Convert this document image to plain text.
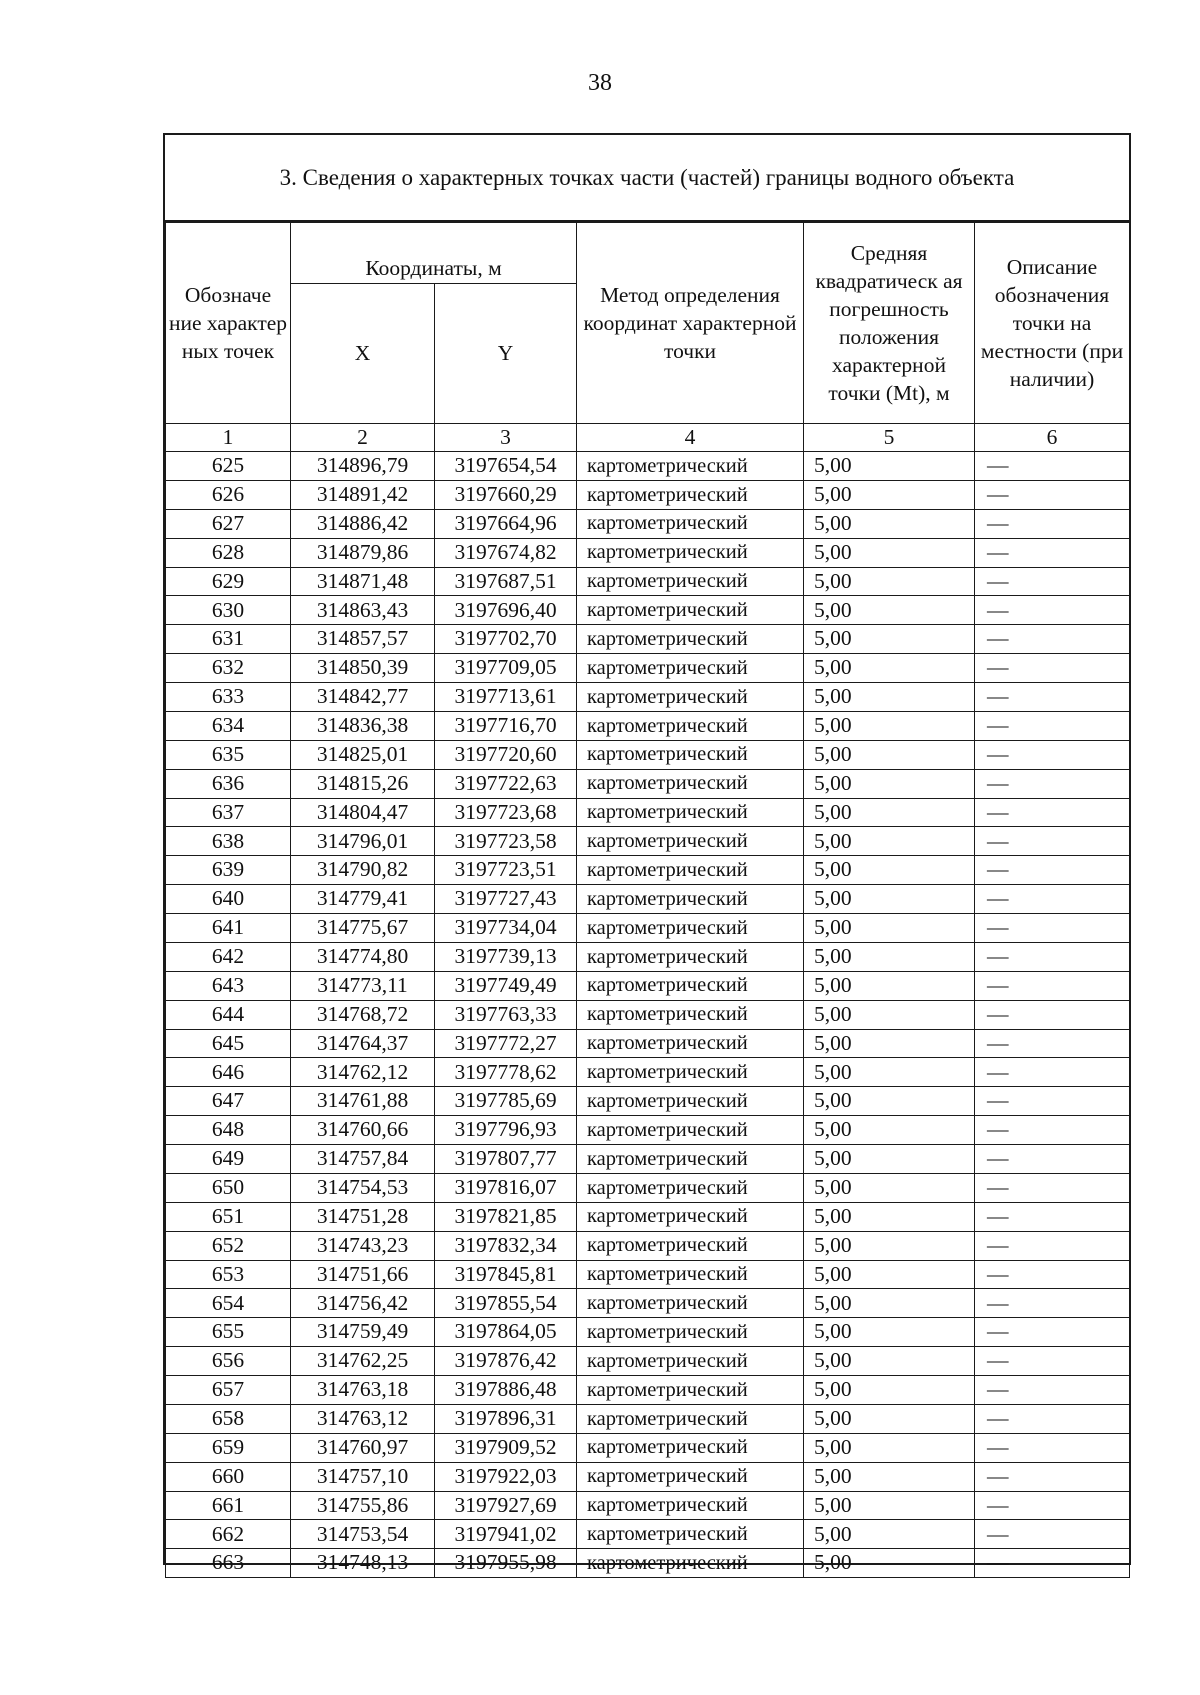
38
3. Сведения о характерных точках части (частей) границы водного объекта
Обозначе ние характер ных точек	Координаты, м		Метод определения координат характерной точки	Средняя квадратическ ая погрешность положения характерной точки (Mt), м	Описание обозначения точки на местности (при наличии)
	X	Y			
1	2	3	4	5	6
625	314896,79	3197654,54	картометрический	5,00	—
626	314891,42	3197660,29	картометрический	5,00	—
627	314886,42	3197664,96	картометрический	5,00	—
628	314879,86	3197674,82	картометрический	5,00	—
629	314871,48	3197687,51	картометрический	5,00	—
630	314863,43	3197696,40	картометрический	5,00	—
631	314857,57	3197702,70	картометрический	5,00	—
632	314850,39	3197709,05	картометрический	5,00	—
633	314842,77	3197713,61	картометрический	5,00	—
634	314836,38	3197716,70	картометрический	5,00	—
635	314825,01	3197720,60	картометрический	5,00	—
636	314815,26	3197722,63	картометрический	5,00	—
637	314804,47	3197723,68	картометрический	5,00	—
638	314796,01	3197723,58	картометрический	5,00	—
639	314790,82	3197723,51	картометрический	5,00	—
640	314779,41	3197727,43	картометрический	5,00	—
641	314775,67	3197734,04	картометрический	5,00	—
642	314774,80	3197739,13	картометрический	5,00	—
643	314773,11	3197749,49	картометрический	5,00	—
644	314768,72	3197763,33	картометрический	5,00	—
645	314764,37	3197772,27	картометрический	5,00	—
646	314762,12	3197778,62	картометрический	5,00	—
647	314761,88	3197785,69	картометрический	5,00	—
648	314760,66	3197796,93	картометрический	5,00	—
649	314757,84	3197807,77	картометрический	5,00	—
650	314754,53	3197816,07	картометрический	5,00	—
651	314751,28	3197821,85	картометрический	5,00	—
652	314743,23	3197832,34	картометрический	5,00	—
653	314751,66	3197845,81	картометрический	5,00	—
654	314756,42	3197855,54	картометрический	5,00	—
655	314759,49	3197864,05	картометрический	5,00	—
656	314762,25	3197876,42	картометрический	5,00	—
657	314763,18	3197886,48	картометрический	5,00	—
658	314763,12	3197896,31	картометрический	5,00	—
659	314760,97	3197909,52	картометрический	5,00	—
660	314757,10	3197922,03	картометрический	5,00	—
661	314755,86	3197927,69	картометрический	5,00	—
662	314753,54	3197941,02	картометрический	5,00	—
663	314748,13	3197955,98	картометрический	5,00	—
